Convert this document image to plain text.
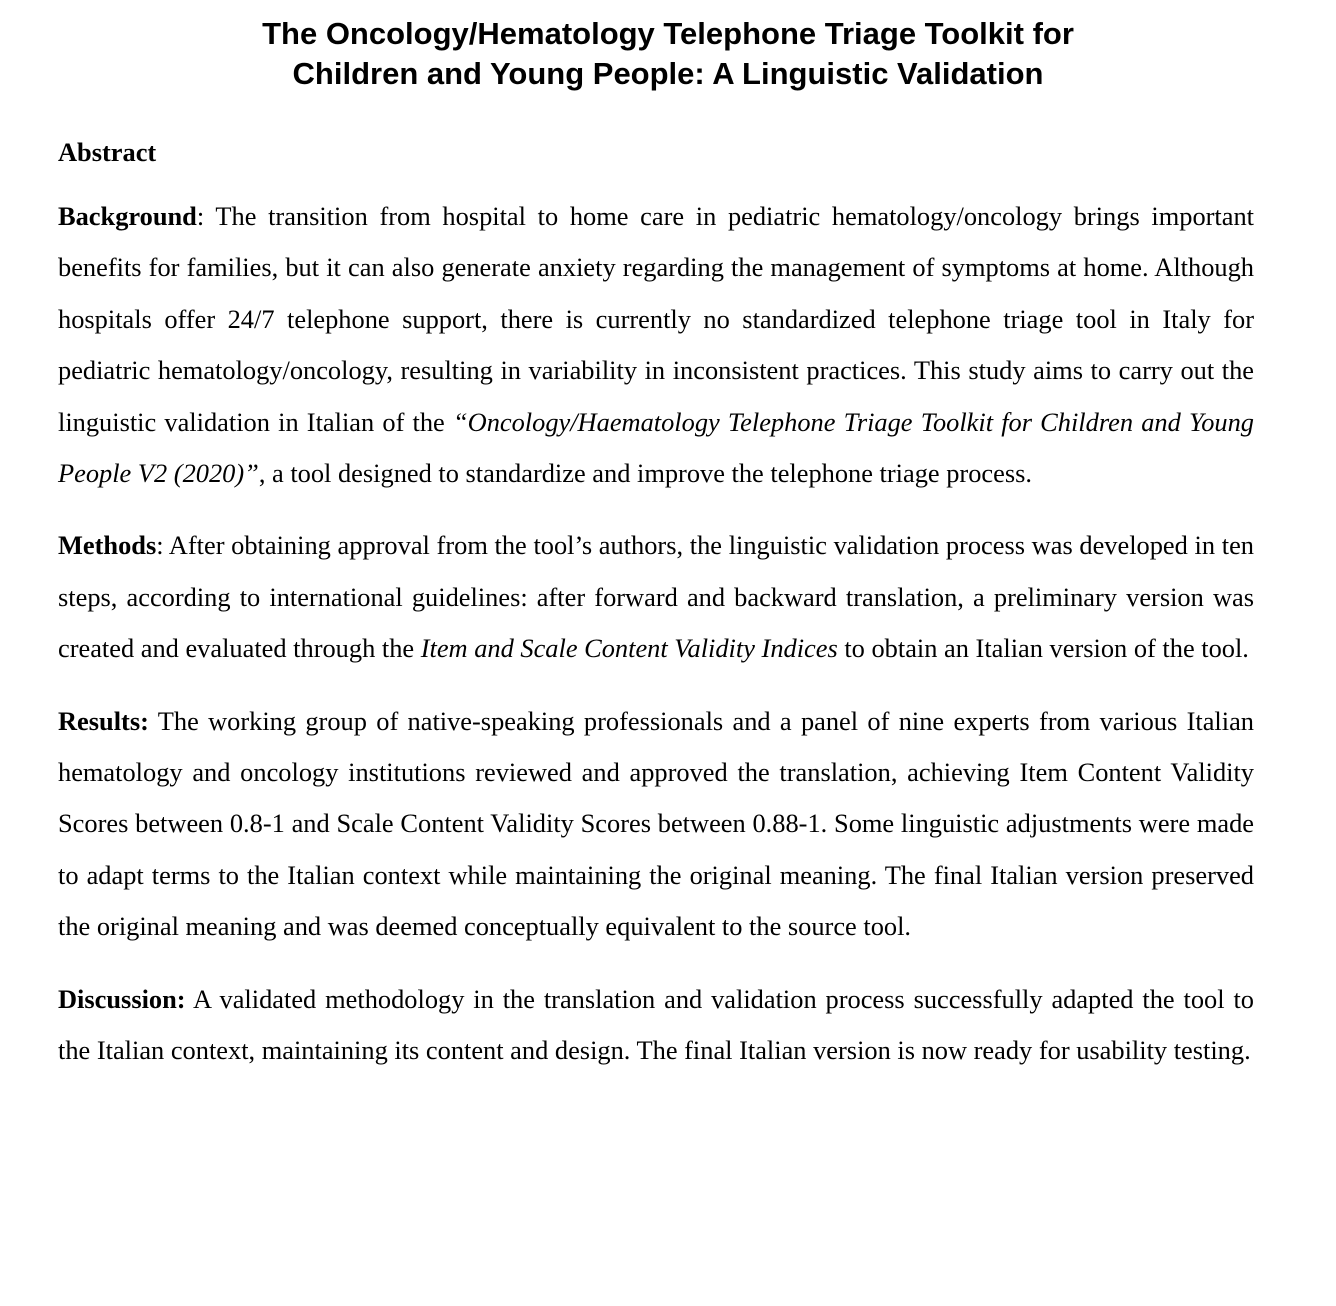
The Oncology/Hematology Telephone Triage Toolkit for
Children and Young People: A Linguistic Validation
Abstract

Background: The transition from hospital to home care in pediatric hematology/oncology brings important benefits for families, but it can also generate anxiety regarding the management of symptoms at home. Although hospitals offer 24/7 telephone support, there is currently no standardized telephone triage tool in Italy for pediatric hematology/oncology, resulting in variability in inconsistent practices. This study aims to carry out the linguistic validation in Italian of the “Oncology/Haematology Telephone Triage Toolkit for Children and Young People V2 (2020)”, a tool designed to standardize and improve the telephone triage process.

Methods: After obtaining approval from the tool’s authors, the linguistic validation process was developed in ten steps, according to international guidelines: after forward and backward translation, a preliminary version was created and evaluated through the Item and Scale Content Validity Indices to obtain an Italian version of the tool.

Results: The working group of native-speaking professionals and a panel of nine experts from various Italian hematology and oncology institutions reviewed and approved the translation, achieving Item Content Validity Scores between 0.8-1 and Scale Content Validity Scores between 0.88-1. Some linguistic adjustments were made to adapt terms to the Italian context while maintaining the original meaning. The final Italian version preserved the original meaning and was deemed conceptually equivalent to the source tool.

Discussion: A validated methodology in the translation and validation process successfully adapted the tool to the Italian context, maintaining its content and design. The final Italian version is now ready for usability testing.
